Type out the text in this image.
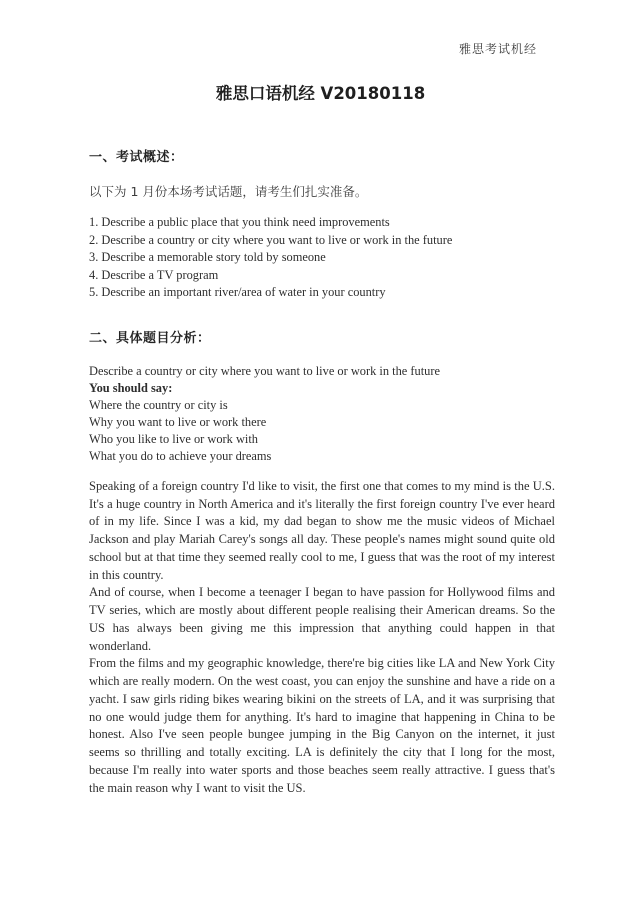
雅思考试机经
雅思口语机经 V20180118
一、考试概述：

以下为 1 月份本场考试话题，请考生们扎实准备。

1. Describe a public place that you think need improvements
2. Describe a country or city where you want to live or work in the future
3. Describe a memorable story told by someone
4. Describe a TV program
5. Describe an important river/area of water in your country
二、具体题目分析：

Describe a country or city where you want to live or work in the future

You should say:

Where the country or city is

Why you want to live or work there

Who you like to live or work with

What you do to achieve your dreams

Speaking of a foreign country I'd like to visit, the first one that comes to my mind is the U.S. It's a huge country in North America and it's literally the first foreign country I've ever heard of in my life. Since I was a kid, my dad began to show me the music videos of Michael Jackson and play Mariah Carey's songs all day. These people's names might sound quite old school but at that time they seemed really cool to me, I guess that was the root of my interest in this country.

And of course, when I become a teenager I began to have passion for Hollywood films and TV series, which are mostly about different people realising their American dreams. So the US has always been giving me this impression that anything could happen in that wonderland.

From the films and my geographic knowledge, there're big cities like LA and New York City which are really modern. On the west coast, you can enjoy the sunshine and have a ride on a yacht. I saw girls riding bikes wearing bikini on the streets of LA, and it was surprising that no one would judge them for anything. It's hard to imagine that happening in China to be honest. Also I've seen people bungee jumping in the Big Canyon on the internet, it just seems so thrilling and totally exciting. LA is definitely the city that I long for the most, because I'm really into water sports and those beaches seem really attractive. I guess that's the main reason why I want to visit the US.
